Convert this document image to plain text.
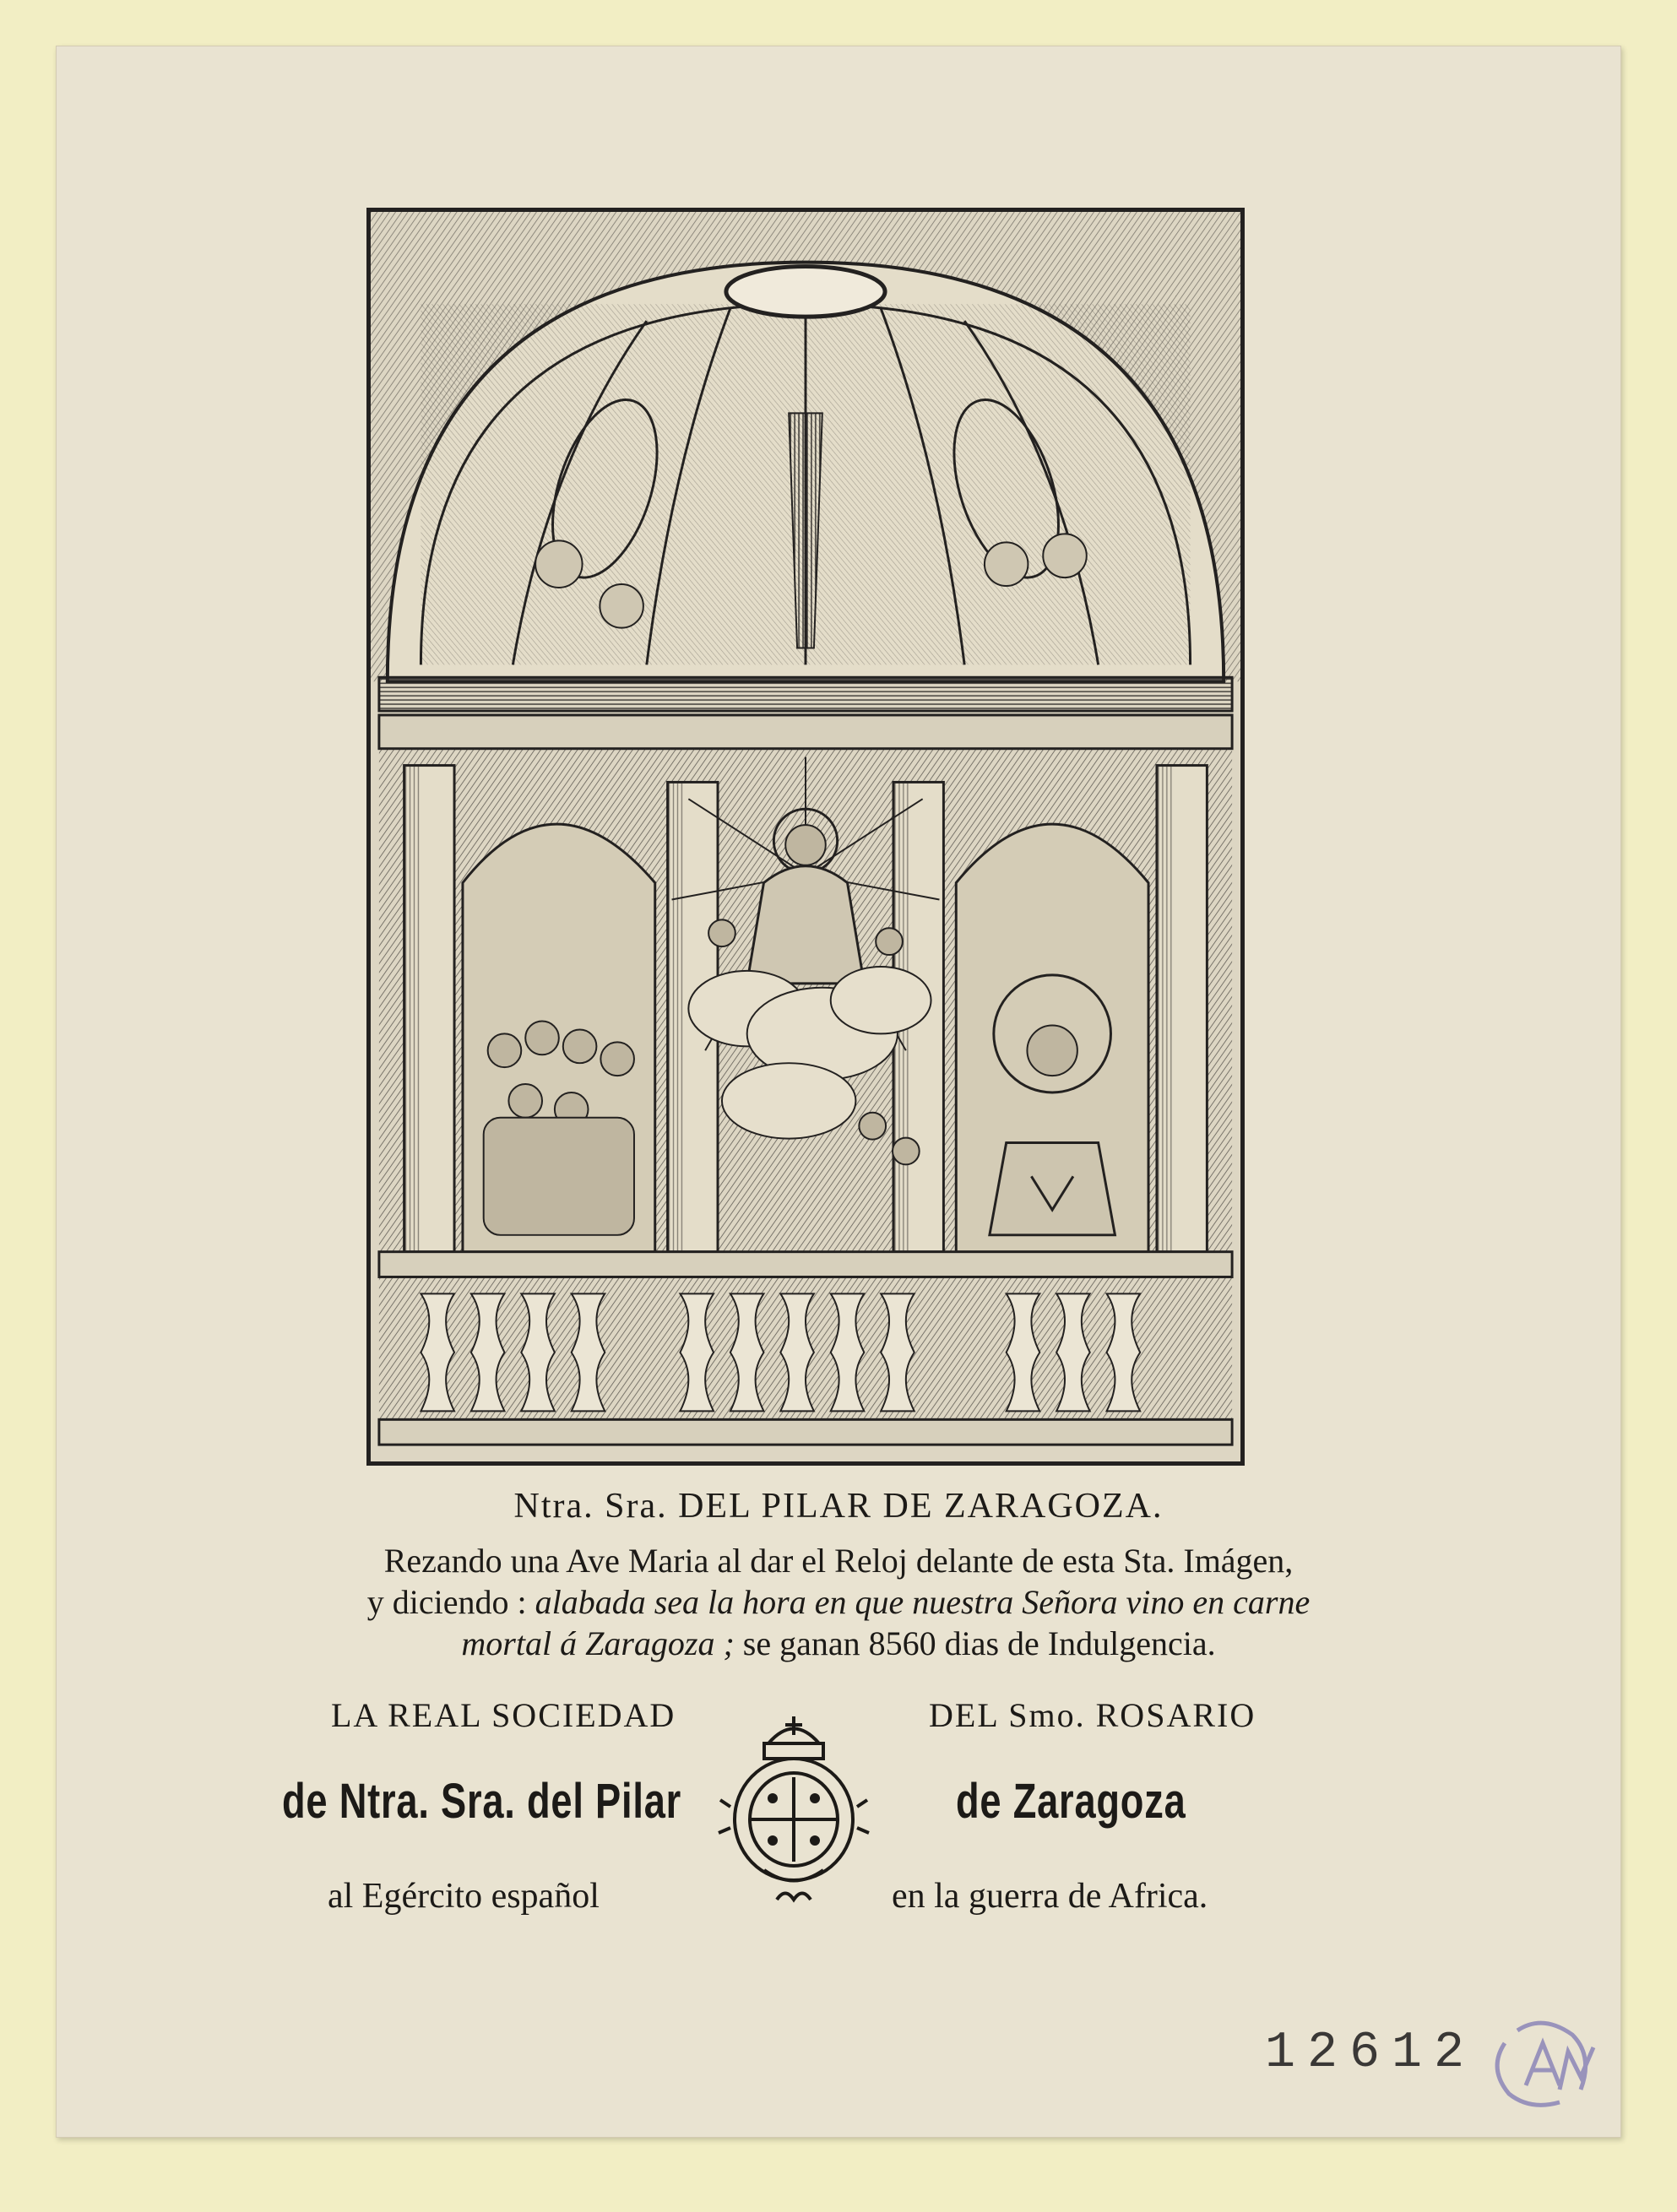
Ntra. Sra. DEL PILAR DE ZARAGOZA.
Rezando una Ave Maria al dar el Reloj delante de esta Sta. Imágen,
y diciendo : alabada sea la hora en que nuestra Señora vino en carne
mortal á Zaragoza ; se ganan 8560 dias de Indulgencia.
LA REAL SOCIEDAD	DEL Smo. ROSARIO
de Ntra. Sra. del Pilar	de Zaragoza
al Egército español	en la guerra de Africa.
12612
